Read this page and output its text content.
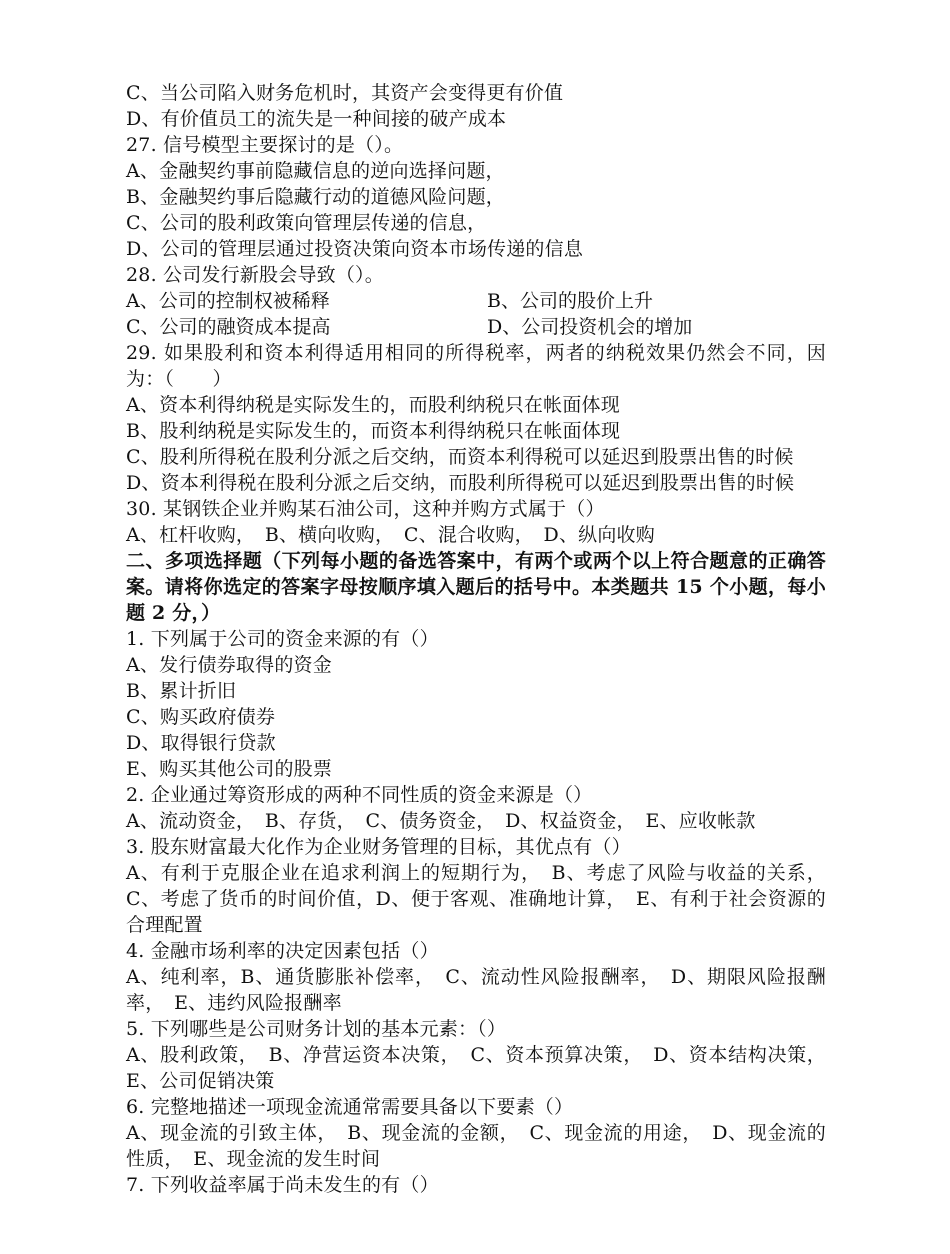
C、当公司陷入财务危机时，其资产会变得更有价值
D、有价值员工的流失是一种间接的破产成本
27. 信号模型主要探讨的是（）。
A、金融契约事前隐藏信息的逆向选择问题，
B、金融契约事后隐藏行动的道德风险问题，
C、公司的股利政策向管理层传递的信息，
D、公司的管理层通过投资决策向资本市场传递的信息
28. 公司发行新股会导致（）。
A、公司的控制权被稀释	B、公司的股价上升
C、公司的融资成本提高	D、公司投资机会的增加
29. 如果股利和资本利得适用相同的所得税率，两者的纳税效果仍然会不同，因为：（　　）
A、资本利得纳税是实际发生的，而股利纳税只在帐面体现
B、股利纳税是实际发生的，而资本利得纳税只在帐面体现
C、股利所得税在股利分派之后交纳，而资本利得税可以延迟到股票出售的时候
D、资本利得税在股利分派之后交纳，而股利所得税可以延迟到股票出售的时候
30. 某钢铁企业并购某石油公司，这种并购方式属于（）
A、杠杆收购，　B、横向收购，　C、混合收购，　D、纵向收购
二、多项选择题（下列每小题的备选答案中，有两个或两个以上符合题意的正确答案。请将你选定的答案字母按顺序填入题后的括号中。本类题共 15 个小题，每小题 2 分，）
1. 下列属于公司的资金来源的有（）
A、发行债券取得的资金
B、累计折旧
C、购买政府债券
D、取得银行贷款
E、购买其他公司的股票
2. 企业通过筹资形成的两种不同性质的资金来源是（）
A、流动资金，　B、存货，　C、债务资金，　D、权益资金，　E、应收帐款
3. 股东财富最大化作为企业财务管理的目标，其优点有（）
A、有利于克服企业在追求利润上的短期行为，　B、考虑了风险与收益的关系，C、考虑了货币的时间价值，D、便于客观、准确地计算，　E、有利于社会资源的合理配置
4. 金融市场利率的决定因素包括（）
A、纯利率，B、通货膨胀补偿率，　C、流动性风险报酬率，　D、期限风险报酬率，　E、违约风险报酬率
5. 下列哪些是公司财务计划的基本元素：（）
A、股利政策，　B、净营运资本决策，　C、资本预算决策，　D、资本结构决策，E、公司促销决策
6. 完整地描述一项现金流通常需要具备以下要素（）
A、现金流的引致主体，　B、现金流的金额，　C、现金流的用途，　D、现金流的性质，　E、现金流的发生时间
7. 下列收益率属于尚未发生的有（）
